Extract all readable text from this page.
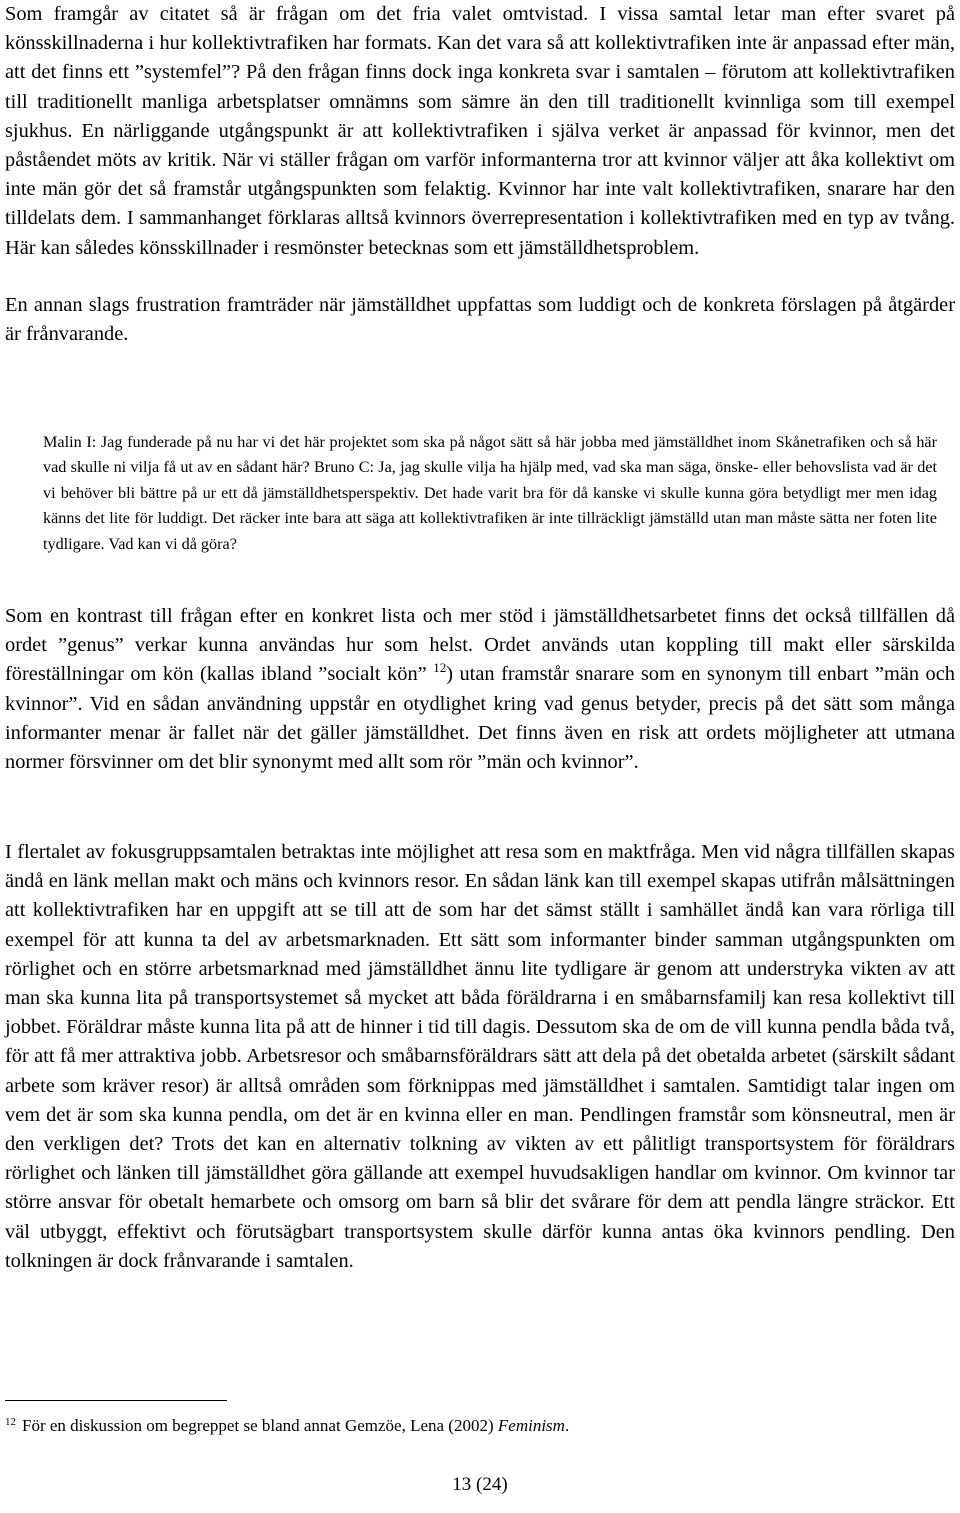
Som framgår av citatet så är frågan om det fria valet omtvistad. I vissa samtal letar man efter svaret på könsskillnaderna i hur kollektivtrafiken har formats. Kan det vara så att kollektivtrafiken inte är anpassad efter män, att det finns ett ”systemfel”? På den frågan finns dock inga konkreta svar i samtalen – förutom att kollektivtrafiken till traditionellt manliga arbetsplatser omnämns som sämre än den till traditionellt kvinnliga som till exempel sjukhus. En närliggande utgångspunkt är att kollektivtrafiken i själva verket är anpassad för kvinnor, men det påståendet möts av kritik. När vi ställer frågan om varför informanterna tror att kvinnor väljer att åka kollektivt om inte män gör det så framstår utgångspunkten som felaktig. Kvinnor har inte valt kollektivtrafiken, snarare har den tilldelats dem. I sammanhanget förklaras alltså kvinnors överrepresentation i kollektivtrafiken med en typ av tvång. Här kan således könsskillnader i resmönster betecknas som ett jämställdhetsproblem.

En annan slags frustration framträder när jämställdhet uppfattas som luddigt och de konkreta förslagen på åtgärder är frånvarande.

Malin I: Jag funderade på nu har vi det här projektet som ska på något sätt så här jobba med jämställdhet inom Skånetrafiken och så här vad skulle ni vilja få ut av en sådant här? Bruno C: Ja, jag skulle vilja ha hjälp med, vad ska man säga, önske- eller behovslista vad är det vi behöver bli bättre på ur ett då jämställdhetsperspektiv. Det hade varit bra för då kanske vi skulle kunna göra betydligt mer men idag känns det lite för luddigt. Det räcker inte bara att säga att kollektivtrafiken är inte tillräckligt jämställd utan man måste sätta ner foten lite tydligare. Vad kan vi då göra?

Som en kontrast till frågan efter en konkret lista och mer stöd i jämställdhetsarbetet finns det också tillfällen då ordet ”genus” verkar kunna användas hur som helst. Ordet används utan koppling till makt eller särskilda föreställningar om kön (kallas ibland ”socialt kön” $^{12}$) utan framstår snarare som en synonym till enbart ”män och kvinnor”. Vid en sådan användning uppstår en otydlighet kring vad genus betyder, precis på det sätt som många informanter menar är fallet när det gäller jämställdhet. Det finns även en risk att ordets möjligheter att utmana normer försvinner om det blir synonymt med allt som rör ”män och kvinnor”.

I flertalet av fokusgruppsamtalen betraktas inte möjlighet att resa som en maktfråga. Men vid några tillfällen skapas ändå en länk mellan makt och mäns och kvinnors resor. En sådan länk kan till exempel skapas utifrån målsättningen att kollektivtrafiken har en uppgift att se till att de som har det sämst ställt i samhället ändå kan vara rörliga till exempel för att kunna ta del av arbetsmarknaden. Ett sätt som informanter binder samman utgångspunkten om rörlighet och en större arbetsmarknad med jämställdhet ännu lite tydligare är genom att understryka vikten av att man ska kunna lita på transportsystemet så mycket att båda föräldrarna i en småbarnsfamilj kan resa kollektivt till jobbet. Föräldrar måste kunna lita på att de hinner i tid till dagis. Dessutom ska de om de vill kunna pendla båda två, för att få mer attraktiva jobb. Arbetsresor och småbarnsföräldrars sätt att dela på det obetalda arbetet (särskilt sådant arbete som kräver resor) är alltså områden som förknippas med jämställdhet i samtalen. Samtidigt talar ingen om vem det är som ska kunna pendla, om det är en kvinna eller en man. Pendlingen framstår som könsneutral, men är den verkligen det? Trots det kan en alternativ tolkning av vikten av ett pålitligt transportsystem för föräldrars rörlighet och länken till jämställdhet göra gällande att exempel huvudsakligen handlar om kvinnor. Om kvinnor tar större ansvar för obetalt hemarbete och omsorg om barn så blir det svårare för dem att pendla längre sträckor. Ett väl utbyggt, effektivt och förutsägbart transportsystem skulle därför kunna antas öka kvinnors pendling. Den tolkningen är dock frånvarande i samtalen.

$^{12}$ För en diskussion om begreppet se bland annat Gemzöe, Lena (2002) Feminism.
13 (24)
